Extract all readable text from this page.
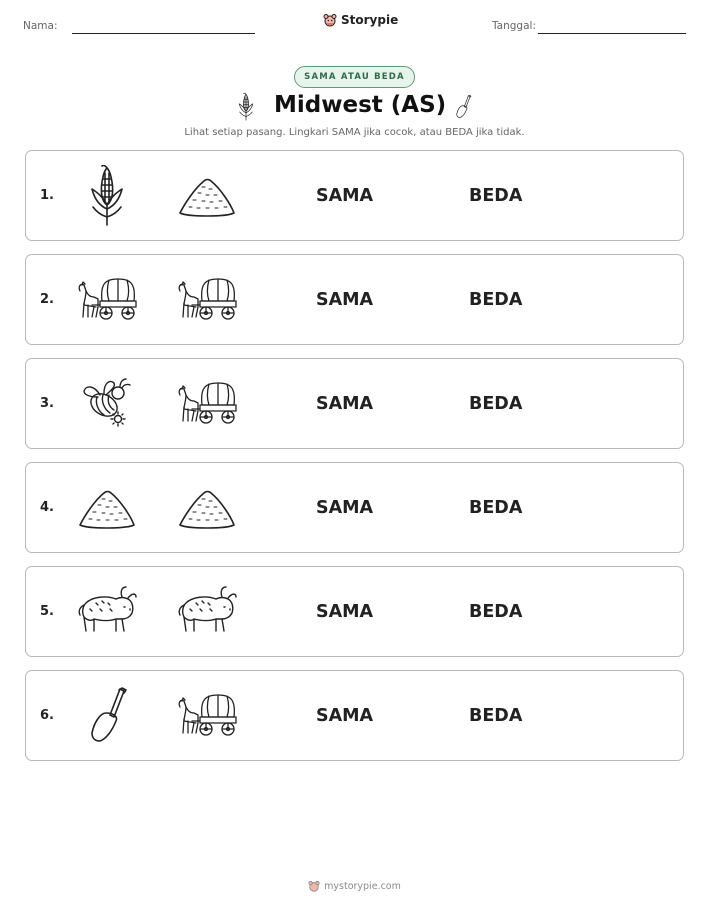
Nama:	Storypie	Tanggal:
SAMA ATAU BEDA
Midwest (AS)
Lihat setiap pasang. Lingkari SAMA jika cocok, atau BEDA jika tidak.
1.	SAMA	BEDA
2.	SAMA	BEDA
3.	SAMA	BEDA
4.	SAMA	BEDA
5.	SAMA	BEDA
6.	SAMA	BEDA
mystorypie.com
